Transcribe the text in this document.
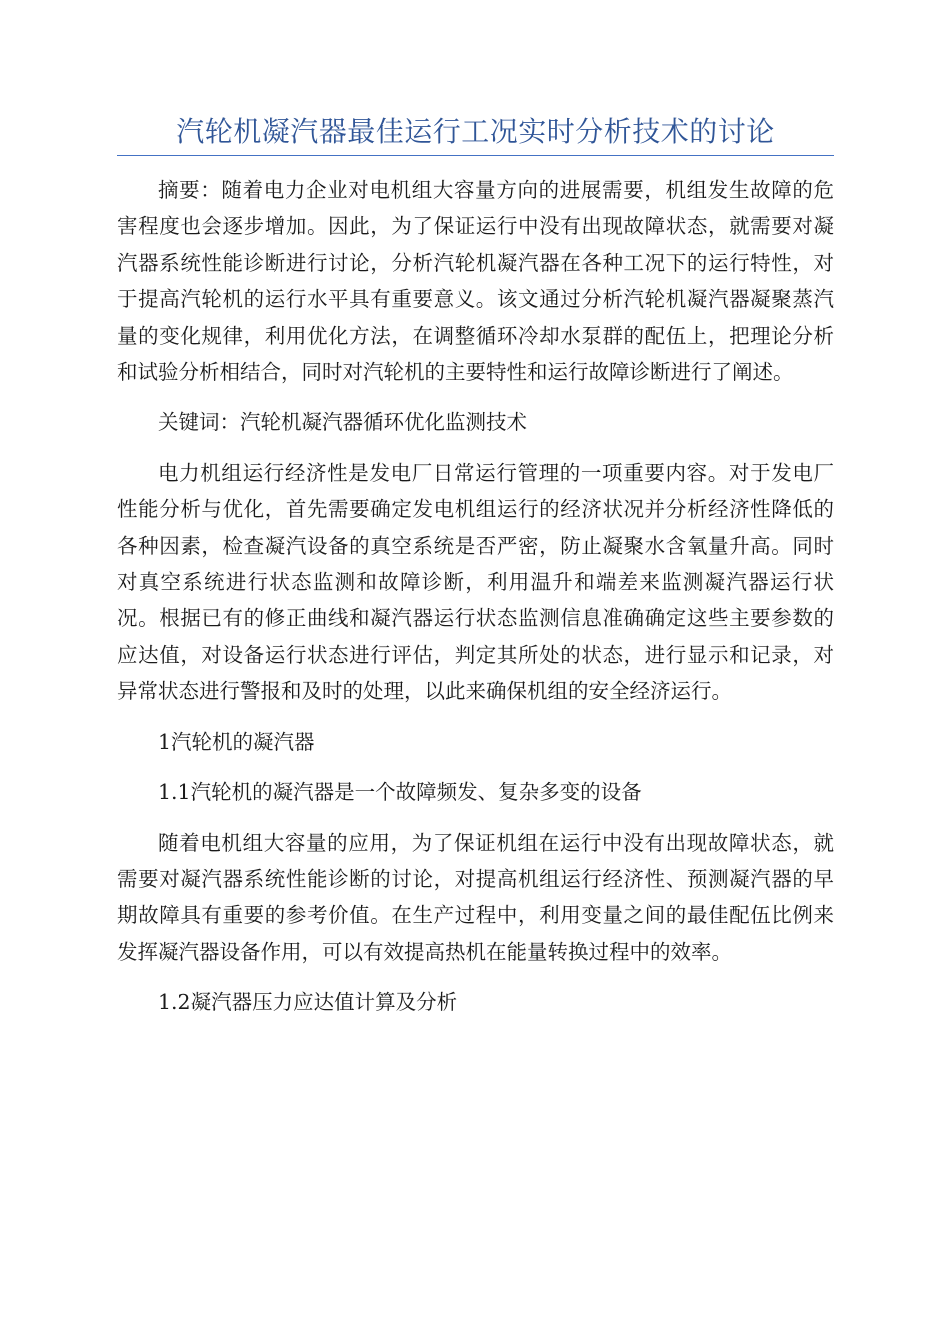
汽轮机凝汽器最佳运行工况实时分析技术的讨论

摘要：随着电力企业对电机组大容量方向的进展需要，机组发生故障的危害程度也会逐步增加。因此，为了保证运行中没有出现故障状态，就需要对凝汽器系统性能诊断进行讨论，分析汽轮机凝汽器在各种工况下的运行特性，对于提高汽轮机的运行水平具有重要意义。该文通过分析汽轮机凝汽器凝聚蒸汽量的变化规律，利用优化方法，在调整循环冷却水泵群的配伍上，把理论分析和试验分析相结合，同时对汽轮机的主要特性和运行故障诊断进行了阐述。

关键词：汽轮机凝汽器循环优化监测技术

电力机组运行经济性是发电厂日常运行管理的一项重要内容。对于发电厂性能分析与优化，首先需要确定发电机组运行的经济状况并分析经济性降低的各种因素，检查凝汽设备的真空系统是否严密，防止凝聚水含氧量升高。同时对真空系统进行状态监测和故障诊断，利用温升和端差来监测凝汽器运行状况。根据已有的修正曲线和凝汽器运行状态监测信息准确确定这些主要参数的应达值，对设备运行状态进行评估，判定其所处的状态，进行显示和记录，对异常状态进行警报和及时的处理，以此来确保机组的安全经济运行。

1汽轮机的凝汽器

1.1汽轮机的凝汽器是一个故障频发、复杂多变的设备

随着电机组大容量的应用，为了保证机组在运行中没有出现故障状态，就需要对凝汽器系统性能诊断的讨论，对提高机组运行经济性、预测凝汽器的早期故障具有重要的参考价值。在生产过程中，利用变量之间的最佳配伍比例来发挥凝汽器设备作用，可以有效提高热机在能量转换过程中的效率。

1.2凝汽器压力应达值计算及分析
